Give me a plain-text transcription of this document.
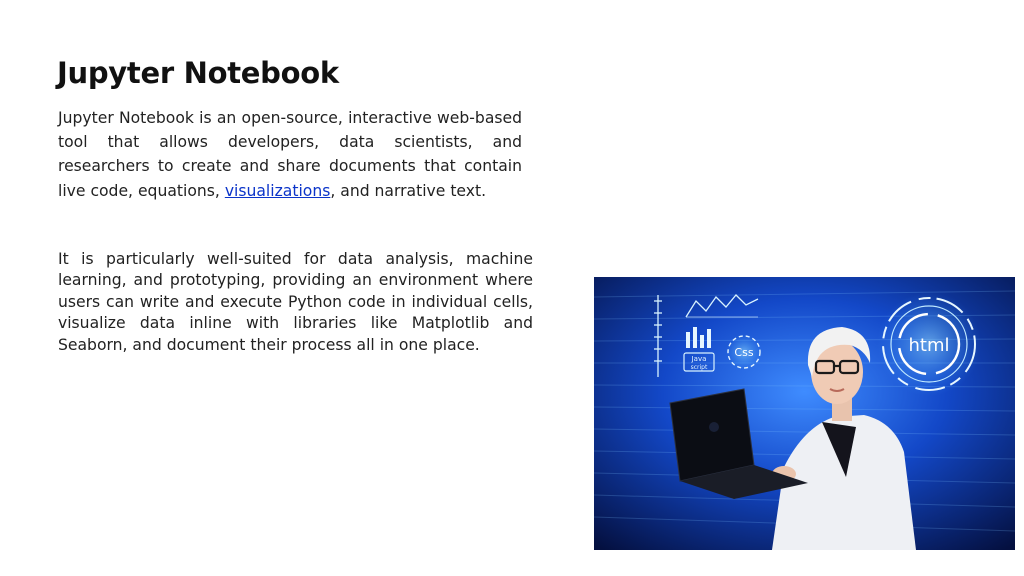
Jupyter Notebook

Jupyter Notebook is an open-source, interactive web-based tool that allows developers, data scientists, and researchers to create and share documents that contain live code, equations, visualizations, and narrative text.

It is particularly well-suited for data analysis, machine learning, and prototyping, providing an environment where users can write and execute Python code in individual cells, visualize data inline with libraries like Matplotlib and Seaborn, and document their process all in one place.

Java
script
Css	html
